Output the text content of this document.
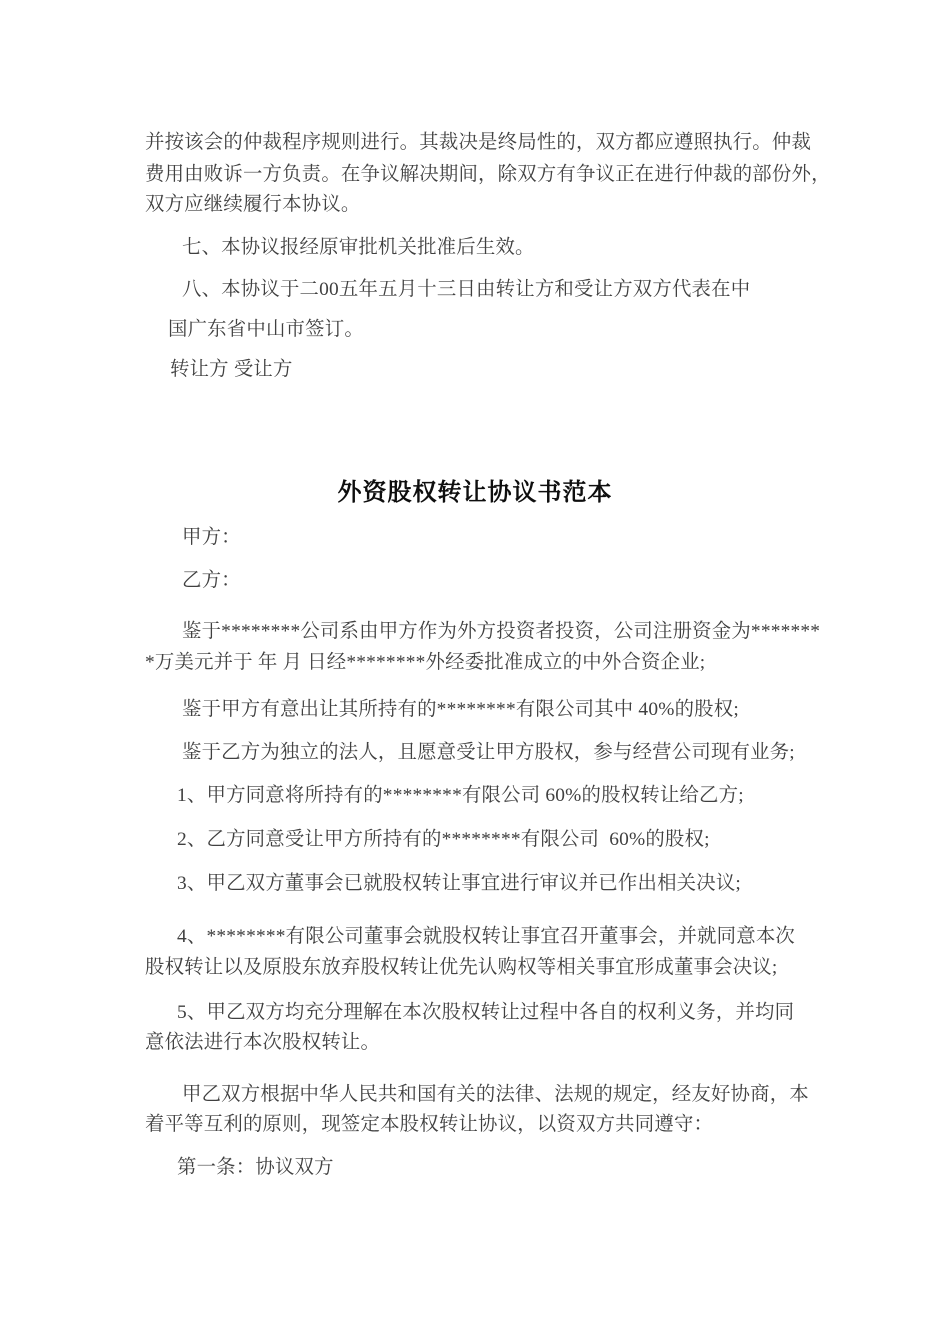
并按该会的仲裁程序规则进行。其裁决是终局性的，双方都应遵照执行。仲裁
费用由败诉一方负责。在争议解决期间，除双方有争议正在进行仲裁的部份外，
双方应继续履行本协议。
七、本协议报经原审批机关批准后生效。
八、本协议于二00五年五月十三日由转让方和受让方双方代表在中
国广东省中山市签订。
转让方 受让方
外资股权转让协议书范本
甲方：
乙方：
鉴于********公司系由甲方作为外方投资者投资，公司注册资金为*******
*万美元并于 年 月 日经********外经委批准成立的中外合资企业;
鉴于甲方有意出让其所持有的********有限公司其中 40%的股权;
鉴于乙方为独立的法人，且愿意受让甲方股权，参与经营公司现有业务;
1、甲方同意将所持有的********有限公司 60%的股权转让给乙方;
2、乙方同意受让甲方所持有的********有限公司  60%的股权;
3、甲乙双方董事会已就股权转让事宜进行审议并已作出相关决议;
4、********有限公司董事会就股权转让事宜召开董事会，并就同意本次
股权转让以及原股东放弃股权转让优先认购权等相关事宜形成董事会决议;
5、甲乙双方均充分理解在本次股权转让过程中各自的权利义务，并均同
意依法进行本次股权转让。
甲乙双方根据中华人民共和国有关的法律、法规的规定，经友好协商，本
着平等互利的原则，现签定本股权转让协议，以资双方共同遵守：
第一条：协议双方
